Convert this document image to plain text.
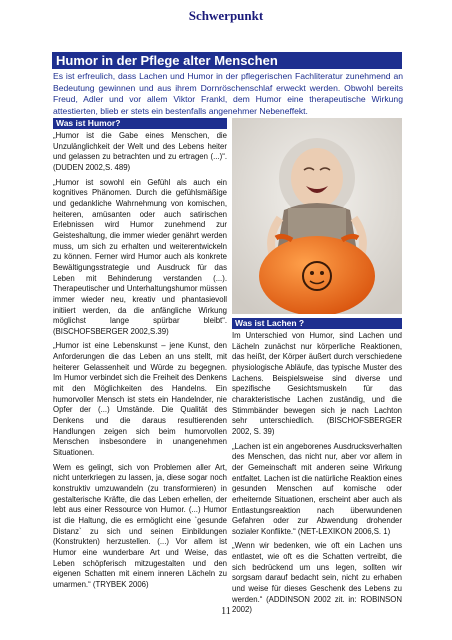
Schwerpunkt
Humor in der Pflege alter Menschen
Es ist erfreulich, dass Lachen und Humor in der pflegerischen Fachliteratur zunehmend an Bedeutung gewinnen und aus ihrem Dornröschenschlaf erweckt werden. Obwohl bereits Freud, Adler und vor allem Viktor Frankl, dem Humor eine therapeutische Wirkung attestierten, blieb er stets ein bestenfalls angenehmer Nebeneffekt.
Was ist Humor?

„Humor ist die Gabe eines Menschen, die Unzulänglichkeit der Welt und des Lebens heiter und gelassen zu betrachten und zu ertragen (...)“. (DUDEN 2002,S. 489)

„Humor ist sowohl ein Gefühl als auch ein kognitives Phänomen. Durch die gefühlsmäßige und gedankliche Wahrnehmung von komischen, heiteren, amüsanten oder auch satirischen Erlebnissen wird Humor zunehmend zur Geisteshaltung, die immer wieder genährt werden muss, um sich zu erhalten und weiterentwickeln zu können. Ferner wird Humor auch als konkrete Bewältigungsstrategie und Ausdruck für das Leben mit Behinderung verstanden (...). Therapeutischer und Unterhaltungshumor müssen immer wieder neu, kreativ und phantasievoll initiiert werden, da die anfängliche Wirkung möglichst lange spürbar bleibt“. (BISCHOFSBERGER 2002,S.39)

„Humor ist eine Lebenskunst – jene Kunst, den Anforderungen die das Leben an uns stellt, mit heiterer Gelassenheit und Würde zu begegnen. Im Humor verbindet sich die Freiheit des Denkens mit den Möglichkeiten des Handelns. Ein humorvoller Mensch ist stets ein Handelnder, nie Opfer der (...) Umstände. Die Qualität des Denkens und die daraus resultierenden Handlungen zeigen sich beim humorvollen Menschen insbesondere in unangenehmen Situationen.

Wem es gelingt, sich von Problemen aller Art, nicht unterkriegen zu lassen, ja, diese sogar noch konstruktiv umzuwandeln (zu transformieren) in gestalterische Kräfte, die das Leben erhellen, der lebt aus einer Ressource von Humor. (...) Humor ist die Haltung, die es ermöglicht eine `gesunde Distanz` zu sich und seinen Einbildungen (Konstrukten) herzustellen. (...) Vor allem ist Humor eine wunderbare Art und Weise, das Leben schöpferisch mitzugestalten und den eigenen Schatten mit einem inneren Lächeln zu umarmen.“ (TRYBEK 2006)

Was ist Lachen ?

Im Unterschied von Humor, sind Lachen und Lächeln zunächst nur körperliche Reaktionen, das heißt, der Körper äußert durch verschiedene physiologische Abläufe, das typische Muster des Lachens. Beispielsweise sind diverse und spezifische Gesichtsmuskeln für das charakteristische Lachen zuständig, und die Stimmbänder bewegen sich je nach Lachton sehr unterschiedlich. (BISCHOFSBERGER 2002, S. 39)

„Lachen ist ein angeborenes Ausdrucksverhalten des Menschen, das nicht nur, aber vor allem in der Gemeinschaft mit anderen seine Wirkung entfaltet. Lachen ist die natürliche Reaktion eines gesunden Menschen auf komische oder erheiternde Situationen, erscheint aber auch als Entlastungsreaktion nach überwundenen Gefahren oder zur Abwendung drohender sozialer Konflikte.“ (NET-LEXIKON 2006,S. 1)

„Wenn wir bedenken, wie oft ein Lachen uns entlastet, wie oft es die Schatten vertreibt, die sich bedrückend um uns legen, sollten wir sorgsam darauf bedacht sein, nicht zu erhaben und weise für dieses Geschenk des Lebens zu werden.“ (ADDINSON 2002 zit. in: ROBINSON 2002)

11
